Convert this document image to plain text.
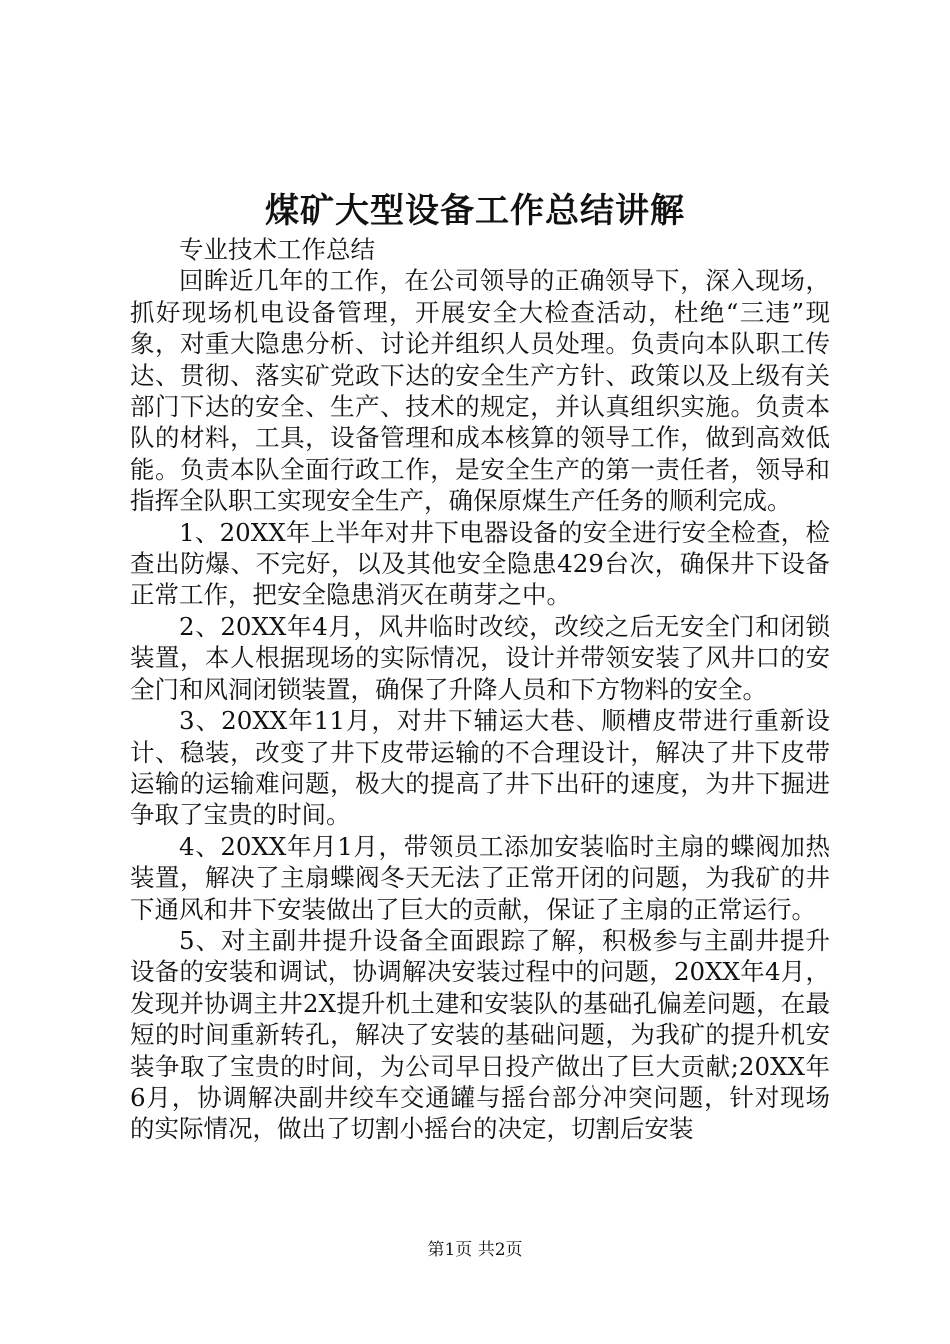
煤矿大型设备工作总结讲解

专业技术工作总结

回眸近几年的工作，在公司领导的正确领导下，深入现场，抓好现场机电设备管理，开展安全大检查活动，杜绝“三违”现象，对重大隐患分析、讨论并组织人员处理。负责向本队职工传达、贯彻、落实矿党政下达的安全生产方针、政策以及上级有关部门下达的安全、生产、技术的规定，并认真组织实施。负责本队的材料，工具，设备管理和成本核算的领导工作，做到高效低能。负责本队全面行政工作，是安全生产的第一责任者，领导和指挥全队职工实现安全生产，确保原煤生产任务的顺利完成。

1、20XX年上半年对井下电器设备的安全进行安全检查，检查出防爆、不完好，以及其他安全隐患429台次，确保井下设备正常工作，把安全隐患消灭在萌芽之中。

2、20XX年4月，风井临时改绞，改绞之后无安全门和闭锁装置，本人根据现场的实际情况，设计并带领安装了风井口的安全门和风洞闭锁装置，确保了升降人员和下方物料的安全。

3、20XX年11月，对井下辅运大巷、顺槽皮带进行重新设计、稳装，改变了井下皮带运输的不合理设计，解决了井下皮带运输的运输难问题，极大的提高了井下出矸的速度，为井下掘进争取了宝贵的时间。

4、20XX年月1月，带领员工添加安装临时主扇的蝶阀加热装置，解决了主扇蝶阀冬天无法了正常开闭的问题，为我矿的井下通风和井下安装做出了巨大的贡献，保证了主扇的正常运行。

5、对主副井提升设备全面跟踪了解，积极参与主副井提升设备的安装和调试，协调解决安装过程中的问题，20XX年4月，发现并协调主井2X提升机土建和安装队的基础孔偏差问题，在最短的时间重新转孔，解决了安装的基础问题，为我矿的提升机安装争取了宝贵的时间，为公司早日投产做出了巨大贡献;20XX年6月，协调解决副井绞车交通罐与摇台部分冲突问题，针对现场的实际情况，做出了切割小摇台的决定，切割后安装

第1页 共2页
